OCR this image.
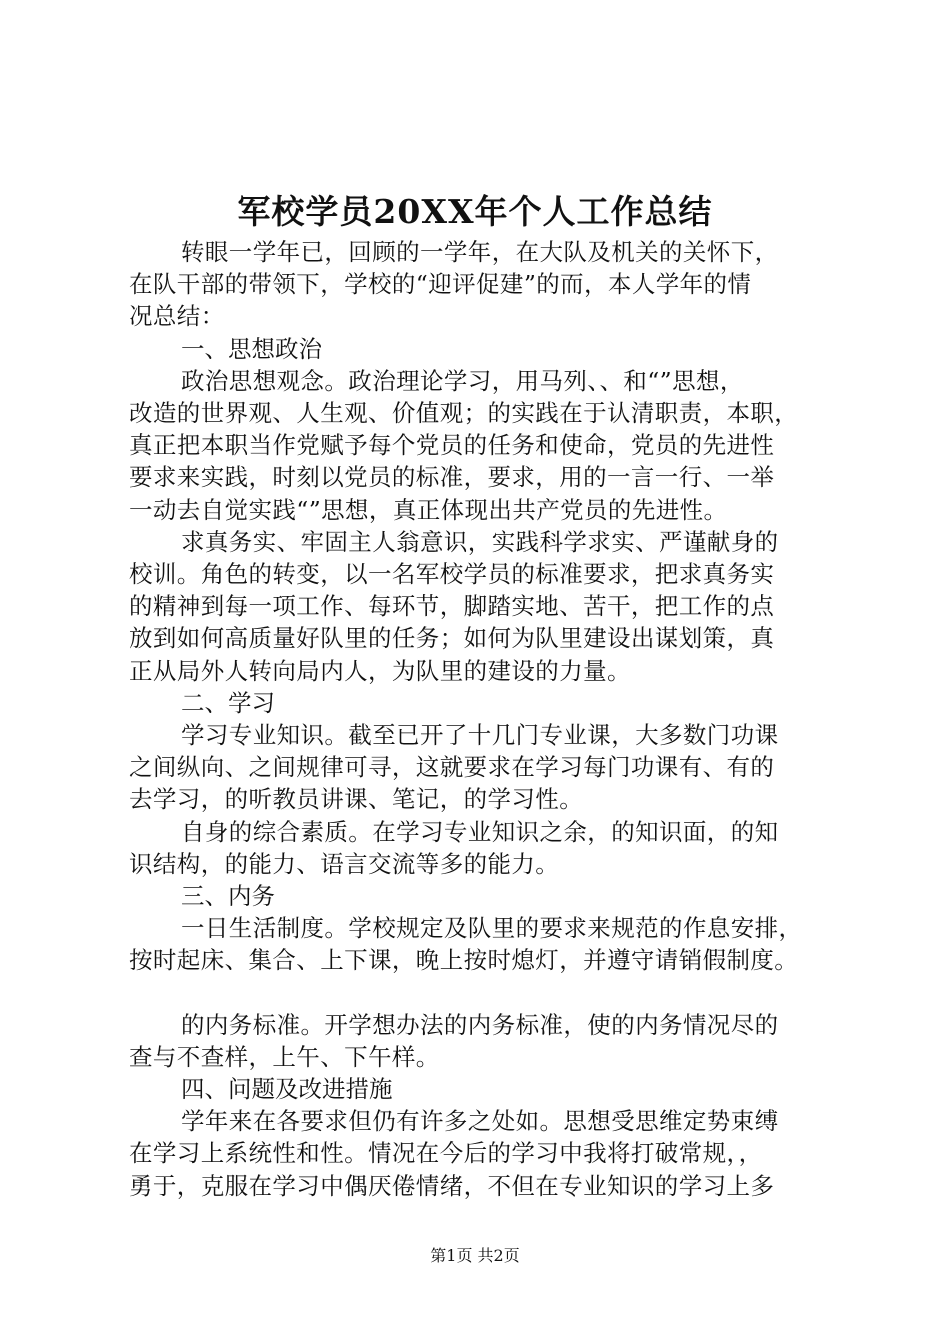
军校学员20XX年个人工作总结

转眼一学年已，回顾的一学年，在大队及机关的关怀下，
在队干部的带领下，学校的“迎评促建”的而，本人学年的情
况总结：

一、思想政治

政治思想观念。政治理论学习，用马列、、和“”思想，
改造的世界观、人生观、价值观；的实践在于认清职责，本职，
真正把本职当作党赋予每个党员的任务和使命，党员的先进性
要求来实践，时刻以党员的标准，要求，用的一言一行、一举
一动去自觉实践“”思想，真正体现出共产党员的先进性。

求真务实、牢固主人翁意识，实践科学求实、严谨献身的
校训。角色的转变，以一名军校学员的标准要求，把求真务实
的精神到每一项工作、每环节，脚踏实地、苦干，把工作的点
放到如何高质量好队里的任务；如何为队里建设出谋划策，真
正从局外人转向局内人，为队里的建设的力量。

二、学习

学习专业知识。截至已开了十几门专业课，大多数门功课
之间纵向、之间规律可寻，这就要求在学习每门功课有、有的
去学习，的听教员讲课、笔记，的学习性。

自身的综合素质。在学习专业知识之余，的知识面，的知
识结构，的能力、语言交流等多的能力。

三、内务

一日生活制度。学校规定及队里的要求来规范的作息安排，
按时起床、集合、上下课，晚上按时熄灯，并遵守请销假制度。

的内务标准。开学想办法的内务标准，使的内务情况尽的
查与不查样，上午、下午样。

四、问题及改进措施

学年来在各要求但仍有许多之处如。思想受思维定势束缚
在学习上系统性和性。情况在今后的学习中我将打破常规，，
勇于，克服在学习中偶厌倦情绪，不但在专业知识的学习上多

第1页 共2页
